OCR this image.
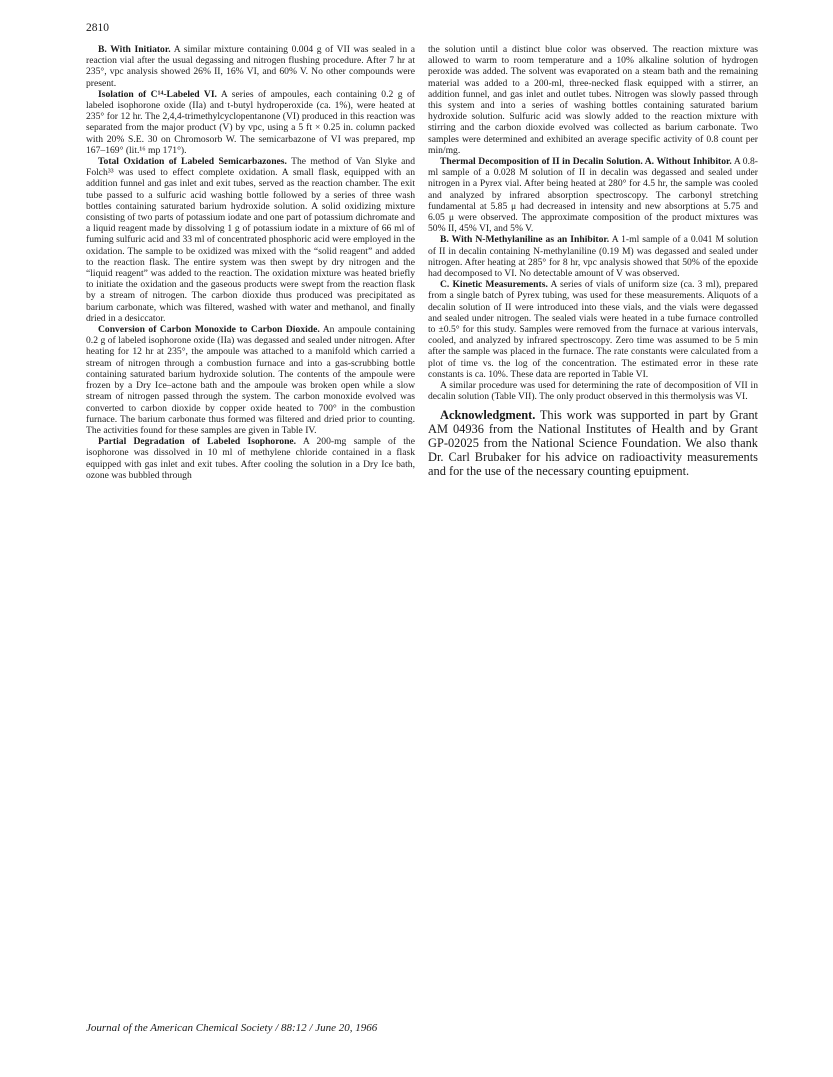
2810

B. With Initiator. A similar mixture containing 0.004 g of VII was sealed in a reaction vial after the usual degassing and nitrogen flushing procedure. After 7 hr at 235°, vpc analysis showed 26% II, 16% VI, and 60% V. No other compounds were present.

Isolation of C¹⁴-Labeled VI. A series of ampoules, each containing 0.2 g of labeled isophorone oxide (IIa) and t-butyl hydroperoxide (ca. 1%), were heated at 235° for 12 hr. The 2,4,4-trimethylcyclopentanone (VI) produced in this reaction was separated from the major product (V) by vpc, using a 5 ft × 0.25 in. column packed with 20% S.E. 30 on Chromosorb W. The semicarbazone of VI was prepared, mp 167–169° (lit.¹⁶ mp 171°).

Total Oxidation of Labeled Semicarbazones. The method of Van Slyke and Folch³³ was used to effect complete oxidation. A small flask, equipped with an addition funnel and gas inlet and exit tubes, served as the reaction chamber. The exit tube passed to a sulfuric acid washing bottle followed by a series of three wash bottles containing saturated barium hydroxide solution. A solid oxidizing mixture consisting of two parts of potassium iodate and one part of potassium dichromate and a liquid reagent made by dissolving 1 g of potassium iodate in a mixture of 66 ml of fuming sulfuric acid and 33 ml of concentrated phosphoric acid were employed in the oxidation. The sample to be oxidized was mixed with the “solid reagent” and added to the reaction flask. The entire system was then swept by dry nitrogen and the “liquid reagent” was added to the reaction. The oxidation mixture was heated briefly to initiate the oxidation and the gaseous products were swept from the reaction flask by a stream of nitrogen. The carbon dioxide thus produced was precipitated as barium carbonate, which was filtered, washed with water and methanol, and finally dried in a desiccator.

Conversion of Carbon Monoxide to Carbon Dioxide. An ampoule containing 0.2 g of labeled isophorone oxide (IIa) was degassed and sealed under nitrogen. After heating for 12 hr at 235°, the ampoule was attached to a manifold which carried a stream of nitrogen through a combustion furnace and into a gas-scrubbing bottle containing saturated barium hydroxide solution. The contents of the ampoule were frozen by a Dry Ice–actone bath and the ampoule was broken open while a slow stream of nitrogen passed through the system. The carbon monoxide evolved was converted to carbon dioxide by copper oxide heated to 700° in the combustion furnace. The barium carbonate thus formed was filtered and dried prior to counting. The activities found for these samples are given in Table IV.

Partial Degradation of Labeled Isophorone. A 200-mg sample of the isophorone was dissolved in 10 ml of methylene chloride contained in a flask equipped with gas inlet and exit tubes. After cooling the solution in a Dry Ice bath, ozone was bubbled through

the solution until a distinct blue color was observed. The reaction mixture was allowed to warm to room temperature and a 10% alkaline solution of hydrogen peroxide was added. The solvent was evaporated on a steam bath and the remaining material was added to a 200-ml, three-necked flask equipped with a stirrer, an addition funnel, and gas inlet and outlet tubes. Nitrogen was slowly passed through this system and into a series of washing bottles containing saturated barium hydroxide solution. Sulfuric acid was slowly added to the reaction mixture with stirring and the carbon dioxide evolved was collected as barium carbonate. Two samples were determined and exhibited an average specific activity of 0.8 count per min/mg.

Thermal Decomposition of II in Decalin Solution. A. Without Inhibitor. A 0.8-ml sample of a 0.028 M solution of II in decalin was degassed and sealed under nitrogen in a Pyrex vial. After being heated at 280° for 4.5 hr, the sample was cooled and analyzed by infrared absorption spectroscopy. The carbonyl stretching fundamental at 5.85 μ had decreased in intensity and new absorptions at 5.75 and 6.05 μ were observed. The approximate composition of the product mixtures was 50% II, 45% VI, and 5% V.

B. With N-Methylaniline as an Inhibitor. A 1-ml sample of a 0.041 M solution of II in decalin containing N-methylaniline (0.19 M) was degassed and sealed under nitrogen. After heating at 285° for 8 hr, vpc analysis showed that 50% of the epoxide had decomposed to VI. No detectable amount of V was observed.

C. Kinetic Measurements. A series of vials of uniform size (ca. 3 ml), prepared from a single batch of Pyrex tubing, was used for these measurements. Aliquots of a decalin solution of II were introduced into these vials, and the vials were degassed and sealed under nitrogen. The sealed vials were heated in a tube furnace controlled to ±0.5° for this study. Samples were removed from the furnace at various intervals, cooled, and analyzed by infrared spectroscopy. Zero time was assumed to be 5 min after the sample was placed in the furnace. The rate constants were calculated from a plot of time vs. the log of the concentration. The estimated error in these rate constants is ca. 10%. These data are reported in Table VI.

A similar procedure was used for determining the rate of decomposition of VII in decalin solution (Table VII). The only product observed in this thermolysis was VI.

Acknowledgment. This work was supported in part by Grant AM 04936 from the National Institutes of Health and by Grant GP-02025 from the National Science Foundation. We also thank Dr. Carl Brubaker for his advice on radioactivity measurements and for the use of the necessary counting epuipment.

Journal of the American Chemical Society / 88:12 / June 20, 1966
